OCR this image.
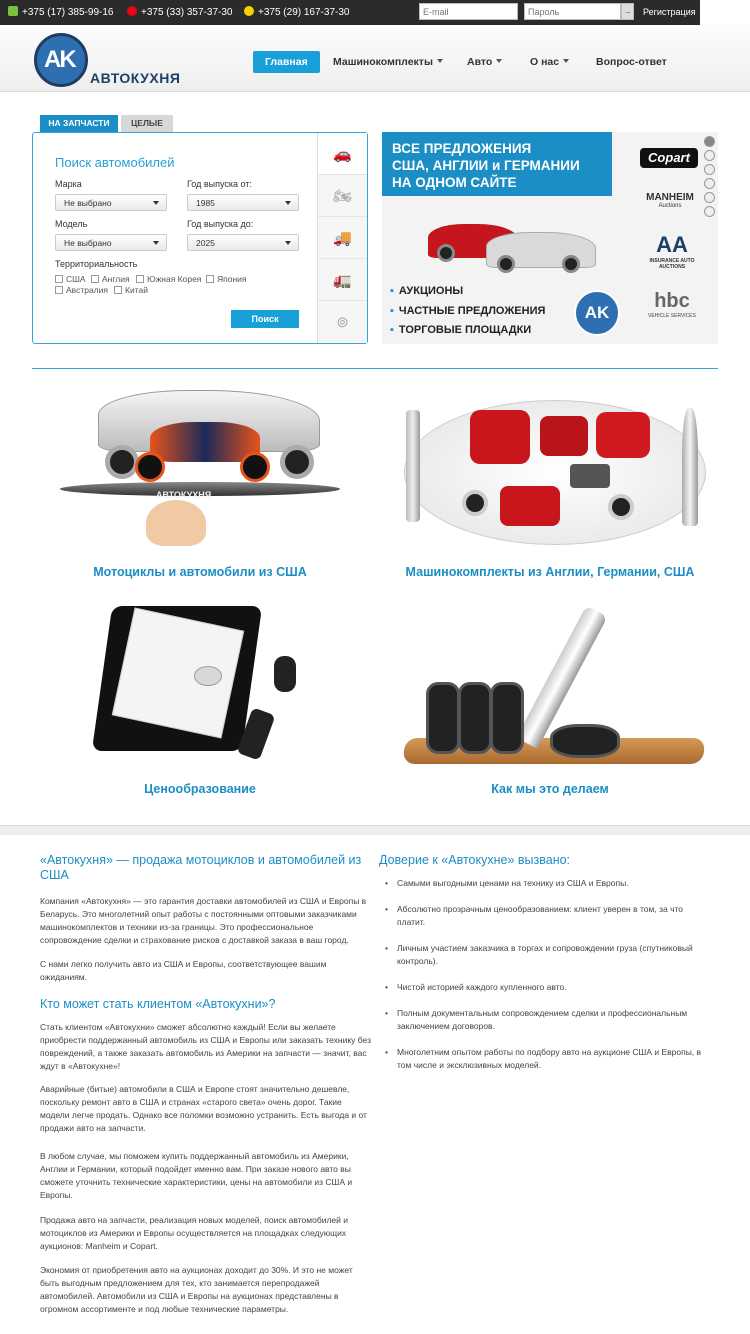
+375 (17) 385-99-16	+375 (33) 357-37-30	+375 (29) 167-37-30
E-mail	→ Регистрация
AK
АВТОКУХНЯ
Главная	Машинокомплекты	Авто	О нас	Вопрос-ответ
НА ЗАПЧАСТИ	ЦЕЛЫЕ
Поиск автомобилей
Марка
Не выбрано
Год выпуска от:
1985
Модель
Не выбрано
Год выпуска до:
2025
Территориальность
США	Англия	Южная Корея	Япония
Австралия	Китай
Поиск
🚗
🏍
🚚
🚛
⊚
ВСЕ ПРЕДЛОЖЕНИЯ
США, АНГЛИИ и ГЕРМАНИИ
НА ОДНОМ САЙТЕ
▪ АУКЦИОНЫ
▪ ЧАСТНЫЕ ПРЕДЛОЖЕНИЯ
▪ ТОРГОВЫЕ ПЛОЩАДКИ
AK
Copart
MANHEIM
Auctions
AA
INSURANCE AUTO AUCTIONS
hbc
VEHICLE SERVICES
АВТОКУХНЯ
Мотоциклы и автомобили из США	Машинокомплекты из Англии, Германии, США
Ценообразование	Как мы это делаем
«Автокухня» — продажа мотоциклов и автомобилей из США
Компания «Автокухня» — это гарантия доставки автомобилей из США и Европы в Беларусь. Это многолетний опыт работы с постоянными оптовыми заказчиками машинокомплектов и техники из-за границы. Это профессиональное сопровождение сделки и страхование рисков с доставкой заказа в ваш город.
С нами легко получить авто из США и Европы, соответствующее вашим ожиданиям.
Кто может стать клиентом «Автокухни»?
Стать клиентом «Автокухни» сможет абсолютно каждый! Если вы желаете приобрести поддержанный автомобиль из США и Европы или заказать технику без повреждений, а также заказать автомобиль из Америки на запчасти — значит, вас ждут в «Автокухне»!
Аварийные (битые) автомобили в США и Европе стоят значительно дешевле, поскольку ремонт авто в США и странах «старого света» очень дорог. Такие модели легче продать. Однако все поломки возможно устранить. Есть выгода и от продажи авто на запчасти.
В любом случае, мы поможем купить поддержанный автомобиль из Америки, Англии и Германии, который подойдет именно вам. При заказе нового авто вы сможете уточнить технические характеристики, цены на автомобили из США и Европы.
Продажа авто на запчасти, реализация новых моделей, поиск автомобилей и мотоциклов из Америки и Европы осуществляется на площадках следующих аукционов: Manheim и Copart.
Экономия от приобретения авто на аукционах доходит до 30%. И это не может быть выгодным предложением для тех, кто занимается перепродажей автомобилей. Автомобили из США и Европы на аукционах представлены в огромном ассортименте и под любые технические параметры.
Доверие к «Автокухне» вызвано:
• Самыми выгодными ценами на технику из США и Европы.
• Абсолютно прозрачным ценообразованием: клиент уверен в том, за что платит.
• Личным участием заказчика в торгах и сопровождении груза (спутниковый контроль).
• Чистой историей каждого купленного авто.
• Полным документальным сопровождением сделки и профессиональным заключением договоров.
• Многолетним опытом работы по подбору авто на аукционе США и Европы, в том числе и эксклюзивных моделей.
